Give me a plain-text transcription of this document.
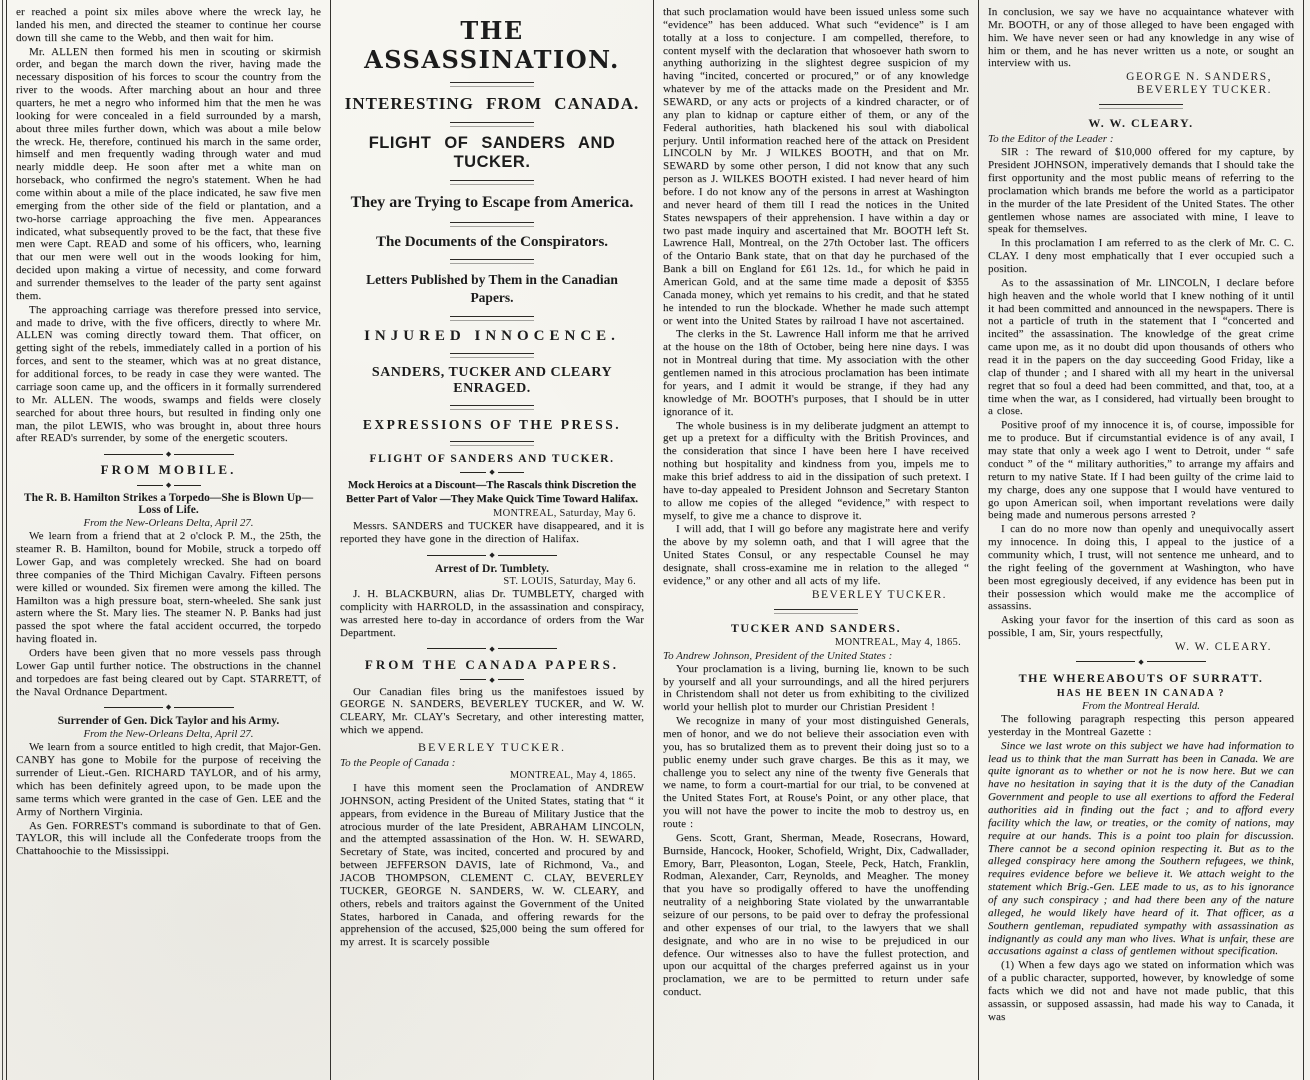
er reached a point six miles above where the wreck lay, he landed his men, and directed the steamer to continue her course down till she came to the Webb, and then wait for him.
Mr. ALLEN then formed his men in scouting or skirmish order, and began the march down the river, having made the necessary disposition of his forces to scour the country from the river to the woods. After marching about an hour and three quarters, he met a negro who informed him that the men he was looking for were concealed in a field surrounded by a marsh, about three miles further down, which was about a mile below the wreck. He, therefore, continued his march in the same order, himself and men frequently wading through water and mud nearly middle deep. He soon after met a white man on horseback, who confirmed the negro's statement. When he had come within about a mile of the place indicated, he saw five men emerging from the other side of the field or plantation, and a two-horse carriage approaching the five men. Appearances indicated, what subsequently proved to be the fact, that these five men were Capt. READ and some of his officers, who, learning that our men were well out in the woods looking for him, decided upon making a virtue of necessity, and come forward and surrender themselves to the leader of the party sent against them.
The approaching carriage was therefore pressed into service, and made to drive, with the five officers, directly to where Mr. ALLEN was coming directly toward them. That officer, on getting sight of the rebels, immediately called in a portion of his forces, and sent to the steamer, which was at no great distance, for additional forces, to be ready in case they were wanted. The carriage soon came up, and the officers in it formally surrendered to Mr. ALLEN. The woods, swamps and fields were closely searched for about three hours, but resulted in finding only one man, the pilot LEWIS, who was brought in, about three hours after READ's surrender, by some of the energetic scouters.
◆
FROM MOBILE.
◆
The R. B. Hamilton Strikes a Torpedo—She is Blown Up—Loss of Life.
From the New-Orleans Delta, April 27.
We learn from a friend that at 2 o'clock P. M., the 25th, the steamer R. B. Hamilton, bound for Mobile, struck a torpedo off Lower Gap, and was completely wrecked. She had on board three companies of the Third Michigan Cavalry. Fifteen persons were killed or wounded. Six firemen were among the killed. The Hamilton was a high pressure boat, stern-wheeled. She sank just astern where the St. Mary lies. The steamer N. P. Banks had just passed the spot where the fatal accident occurred, the torpedo having floated in.
Orders have been given that no more vessels pass through Lower Gap until further notice. The obstructions in the channel and torpedoes are fast being cleared out by Capt. STARRETT, of the Naval Ordnance Department.
◆
Surrender of Gen. Dick Taylor and his Army.
From the New-Orleans Delta, April 27.
We learn from a source entitled to high credit, that Major-Gen. CANBY has gone to Mobile for the purpose of receiving the surrender of Lieut.-Gen. RICHARD TAYLOR, and of his army, which has been definitely agreed upon, to be made upon the same terms which were granted in the case of Gen. LEE and the Army of Northern Virginia.
As Gen. FORREST's command is subordinate to that of Gen. TAYLOR, this will include all the Confederate troops from the Chattahoochie to the Mississippi.
THE ASSASSINATION.
INTERESTING FROM CANADA.
FLIGHT OF SANDERS AND TUCKER.
They are Trying to Escape from America.
The Documents of the Conspirators.
Letters Published by Them in the Canadian Papers.
INJURED INNOCENCE.
SANDERS, TUCKER AND CLEARY ENRAGED.
EXPRESSIONS OF THE PRESS.
FLIGHT OF SANDERS AND TUCKER.
◆
Mock Heroics at a Discount—The Rascals think Discretion the Better Part of Valor —They Make Quick Time Toward Halifax.
MONTREAL, Saturday, May 6.
Messrs. SANDERS and TUCKER have disappeared, and it is reported they have gone in the direction of Halifax.
◆
Arrest of Dr. Tumblety.
ST. LOUIS, Saturday, May 6.
J. H. BLACKBURN, alias Dr. TUMBLETY, charged with complicity with HARROLD, in the assassination and conspiracy, was arrested here to-day in accordance of orders from the War Department.
◆
FROM THE CANADA PAPERS.
◆
Our Canadian files bring us the manifestoes issued by GEORGE N. SANDERS, BEVERLEY TUCKER, and W. W. CLEARY, Mr. CLAY's Secretary, and other interesting matter, which we append.
BEVERLEY TUCKER.
To the People of Canada :
MONTREAL, May 4, 1865.
I have this moment seen the Proclamation of ANDREW JOHNSON, acting President of the United States, stating that “ it appears, from evidence in the Bureau of Military Justice that the atrocious murder of the late President, ABRAHAM LINCOLN, and the attempted assassination of the Hon. W. H. SEWARD, Secretary of State, was incited, concerted and procured by and between JEFFERSON DAVIS, late of Richmond, Va., and JACOB THOMPSON, CLEMENT C. CLAY, BEVERLEY TUCKER, GEORGE N. SANDERS, W. W. CLEARY, and others, rebels and traitors against the Government of the United States, harbored in Canada, and offering rewards for the apprehension of the accused, $25,000 being the sum offered for my arrest. It is scarcely possible
that such proclamation would have been issued unless some such “evidence” has been adduced. What such “evidence” is I am totally at a loss to conjecture. I am compelled, therefore, to content myself with the declaration that whosoever hath sworn to anything authorizing in the slightest degree suspicion of my having “incited, concerted or procured,” or of any knowledge whatever by me of the attacks made on the President and Mr. SEWARD, or any acts or projects of a kindred character, or of any plan to kidnap or capture either of them, or any of the Federal authorities, hath blackened his soul with diabolical perjury. Until information reached here of the attack on President LINCOLN by Mr. J WILKES BOOTH, and that on Mr. SEWARD by some other person, I did not know that any such person as J. WILKES BOOTH existed. I had never heard of him before. I do not know any of the persons in arrest at Washington and never heard of them till I read the notices in the United States newspapers of their apprehension. I have within a day or two past made inquiry and ascertained that Mr. BOOTH left St. Lawrence Hall, Montreal, on the 27th October last. The officers of the Ontario Bank state, that on that day he purchased of the Bank a bill on England for £61 12s. 1d., for which he paid in American Gold, and at the same time made a deposit of $355 Canada money, which yet remains to his credit, and that he stated he intended to run the blockade. Whether he made such attempt or went into the United States by railroad I have not ascertained.
The clerks in the St. Lawrence Hall inform me that he arrived at the house on the 18th of October, being here nine days. I was not in Montreal during that time. My association with the other gentlemen named in this atrocious proclamation has been intimate for years, and I admit it would be strange, if they had any knowledge of Mr. BOOTH's purposes, that I should be in utter ignorance of it.
The whole business is in my deliberate judgment an attempt to get up a pretext for a difficulty with the British Provinces, and the consideration that since I have been here I have received nothing but hospitality and kindness from you, impels me to make this brief address to aid in the dissipation of such pretext. I have to-day appealed to President Johnson and Secretary Stanton to allow me copies of the alleged “evidence,” with respect to myself, to give me a chance to disprove it.
I will add, that I will go before any magistrate here and verify the above by my solemn oath, and that I will agree that the United States Consul, or any respectable Counsel he may designate, shall cross-examine me in relation to the alleged “ evidence,” or any other and all acts of my life.
BEVERLEY TUCKER.
TUCKER AND SANDERS.
MONTREAL, May 4, 1865.
To Andrew Johnson, President of the United States :
Your proclamation is a living, burning lie, known to be such by yourself and all your surroundings, and all the hired perjurers in Christendom shall not deter us from exhibiting to the civilized world your hellish plot to murder our Christian President !
We recognize in many of your most distinguished Generals, men of honor, and we do not believe their association even with you, has so brutalized them as to prevent their doing just so to a public enemy under such grave charges. Be this as it may, we challenge you to select any nine of the twenty five Generals that we name, to form a court-martial for our trial, to be convened at the United States Fort, at Rouse's Point, or any other place, that you will not have the power to incite the mob to destroy us, en route :
Gens. Scott, Grant, Sherman, Meade, Rosecrans, Howard, Burnside, Hancock, Hooker, Schofield, Wright, Dix, Cadwallader, Emory, Barr, Pleasonton, Logan, Steele, Peck, Hatch, Franklin, Rodman, Alexander, Carr, Reynolds, and Meagher. The money that you have so prodigally offered to have the unoffending neutrality of a neighboring State violated by the unwarrantable seizure of our persons, to be paid over to defray the professional and other expenses of our trial, to the lawyers that we shall designate, and who are in no wise to be prejudiced in our defence. Our witnesses also to have the fullest protection, and upon our acquittal of the charges preferred against us in your proclamation, we are to be permitted to return under safe conduct.
In conclusion, we say we have no acquaintance whatever with Mr. BOOTH, or any of those alleged to have been engaged with him. We have never seen or had any knowledge in any wise of him or them, and he has never written us a note, or sought an interview with us.
GEORGE N. SANDERS,
BEVERLEY TUCKER.
W. W. CLEARY.
To the Editor of the Leader :
SIR : The reward of $10,000 offered for my capture, by President JOHNSON, imperatively demands that I should take the first opportunity and the most public means of referring to the proclamation which brands me before the world as a participator in the murder of the late President of the United States. The other gentlemen whose names are associated with mine, I leave to speak for themselves.
In this proclamation I am referred to as the clerk of Mr. C. C. CLAY. I deny most emphatically that I ever occupied such a position.
As to the assassination of Mr. LINCOLN, I declare before high heaven and the whole world that I knew nothing of it until it had been committed and announced in the newspapers. There is not a particle of truth in the statement that I “concerted and incited” the assassination. The knowledge of the great crime came upon me, as it no doubt did upon thousands of others who read it in the papers on the day succeeding Good Friday, like a clap of thunder ; and I shared with all my heart in the universal regret that so foul a deed had been committed, and that, too, at a time when the war, as I considered, had virtually been brought to a close.
Positive proof of my innocence it is, of course, impossible for me to produce. But if circumstantial evidence is of any avail, I may state that only a week ago I went to Detroit, under “ safe conduct ” of the “ military authorities,” to arrange my affairs and return to my native State. If I had been guilty of the crime laid to my charge, does any one suppose that I would have ventured to go upon American soil, when important revelations were daily being made and numerous persons arrested ?
I can do no more now than openly and unequivocally assert my innocence. In doing this, I appeal to the justice of a community which, I trust, will not sentence me unheard, and to the right feeling of the government at Washington, who have been most egregiously deceived, if any evidence has been put in their possession which would make me the accomplice of assassins.
Asking your favor for the insertion of this card as soon as possible, I am, Sir, yours respectfully,
W. W. CLEARY.
◆
THE WHEREABOUTS OF SURRATT.
HAS HE BEEN IN CANADA ?
From the Montreal Herald.
The following paragraph respecting this person appeared yesterday in the Montreal Gazette :
Since we last wrote on this subject we have had information to lead us to think that the man Surratt has been in Canada. We are quite ignorant as to whether or not he is now here. But we can have no hesitation in saying that it is the duty of the Canadian Government and people to use all exertions to afford the Federal authorities aid in finding out the fact ; and to afford every facility which the law, or treaties, or the comity of nations, may require at our hands. This is a point too plain for discussion. There cannot be a second opinion respecting it. But as to the alleged conspiracy here among the Southern refugees, we think, requires evidence before we believe it. We attach weight to the statement which Brig.-Gen. LEE made to us, as to his ignorance of any such conspiracy ; and had there been any of the nature alleged, he would likely have heard of it. That officer, as a Southern gentleman, repudiated sympathy with assassination as indignantly as could any man who lives. What is unfair, these are accusations against a class of gentlemen without specification.
(1) When a few days ago we stated on information which was of a public character, supported, however, by knowledge of some facts which we did not and have not made public, that this assassin, or supposed assassin, had made his way to Canada, it was
